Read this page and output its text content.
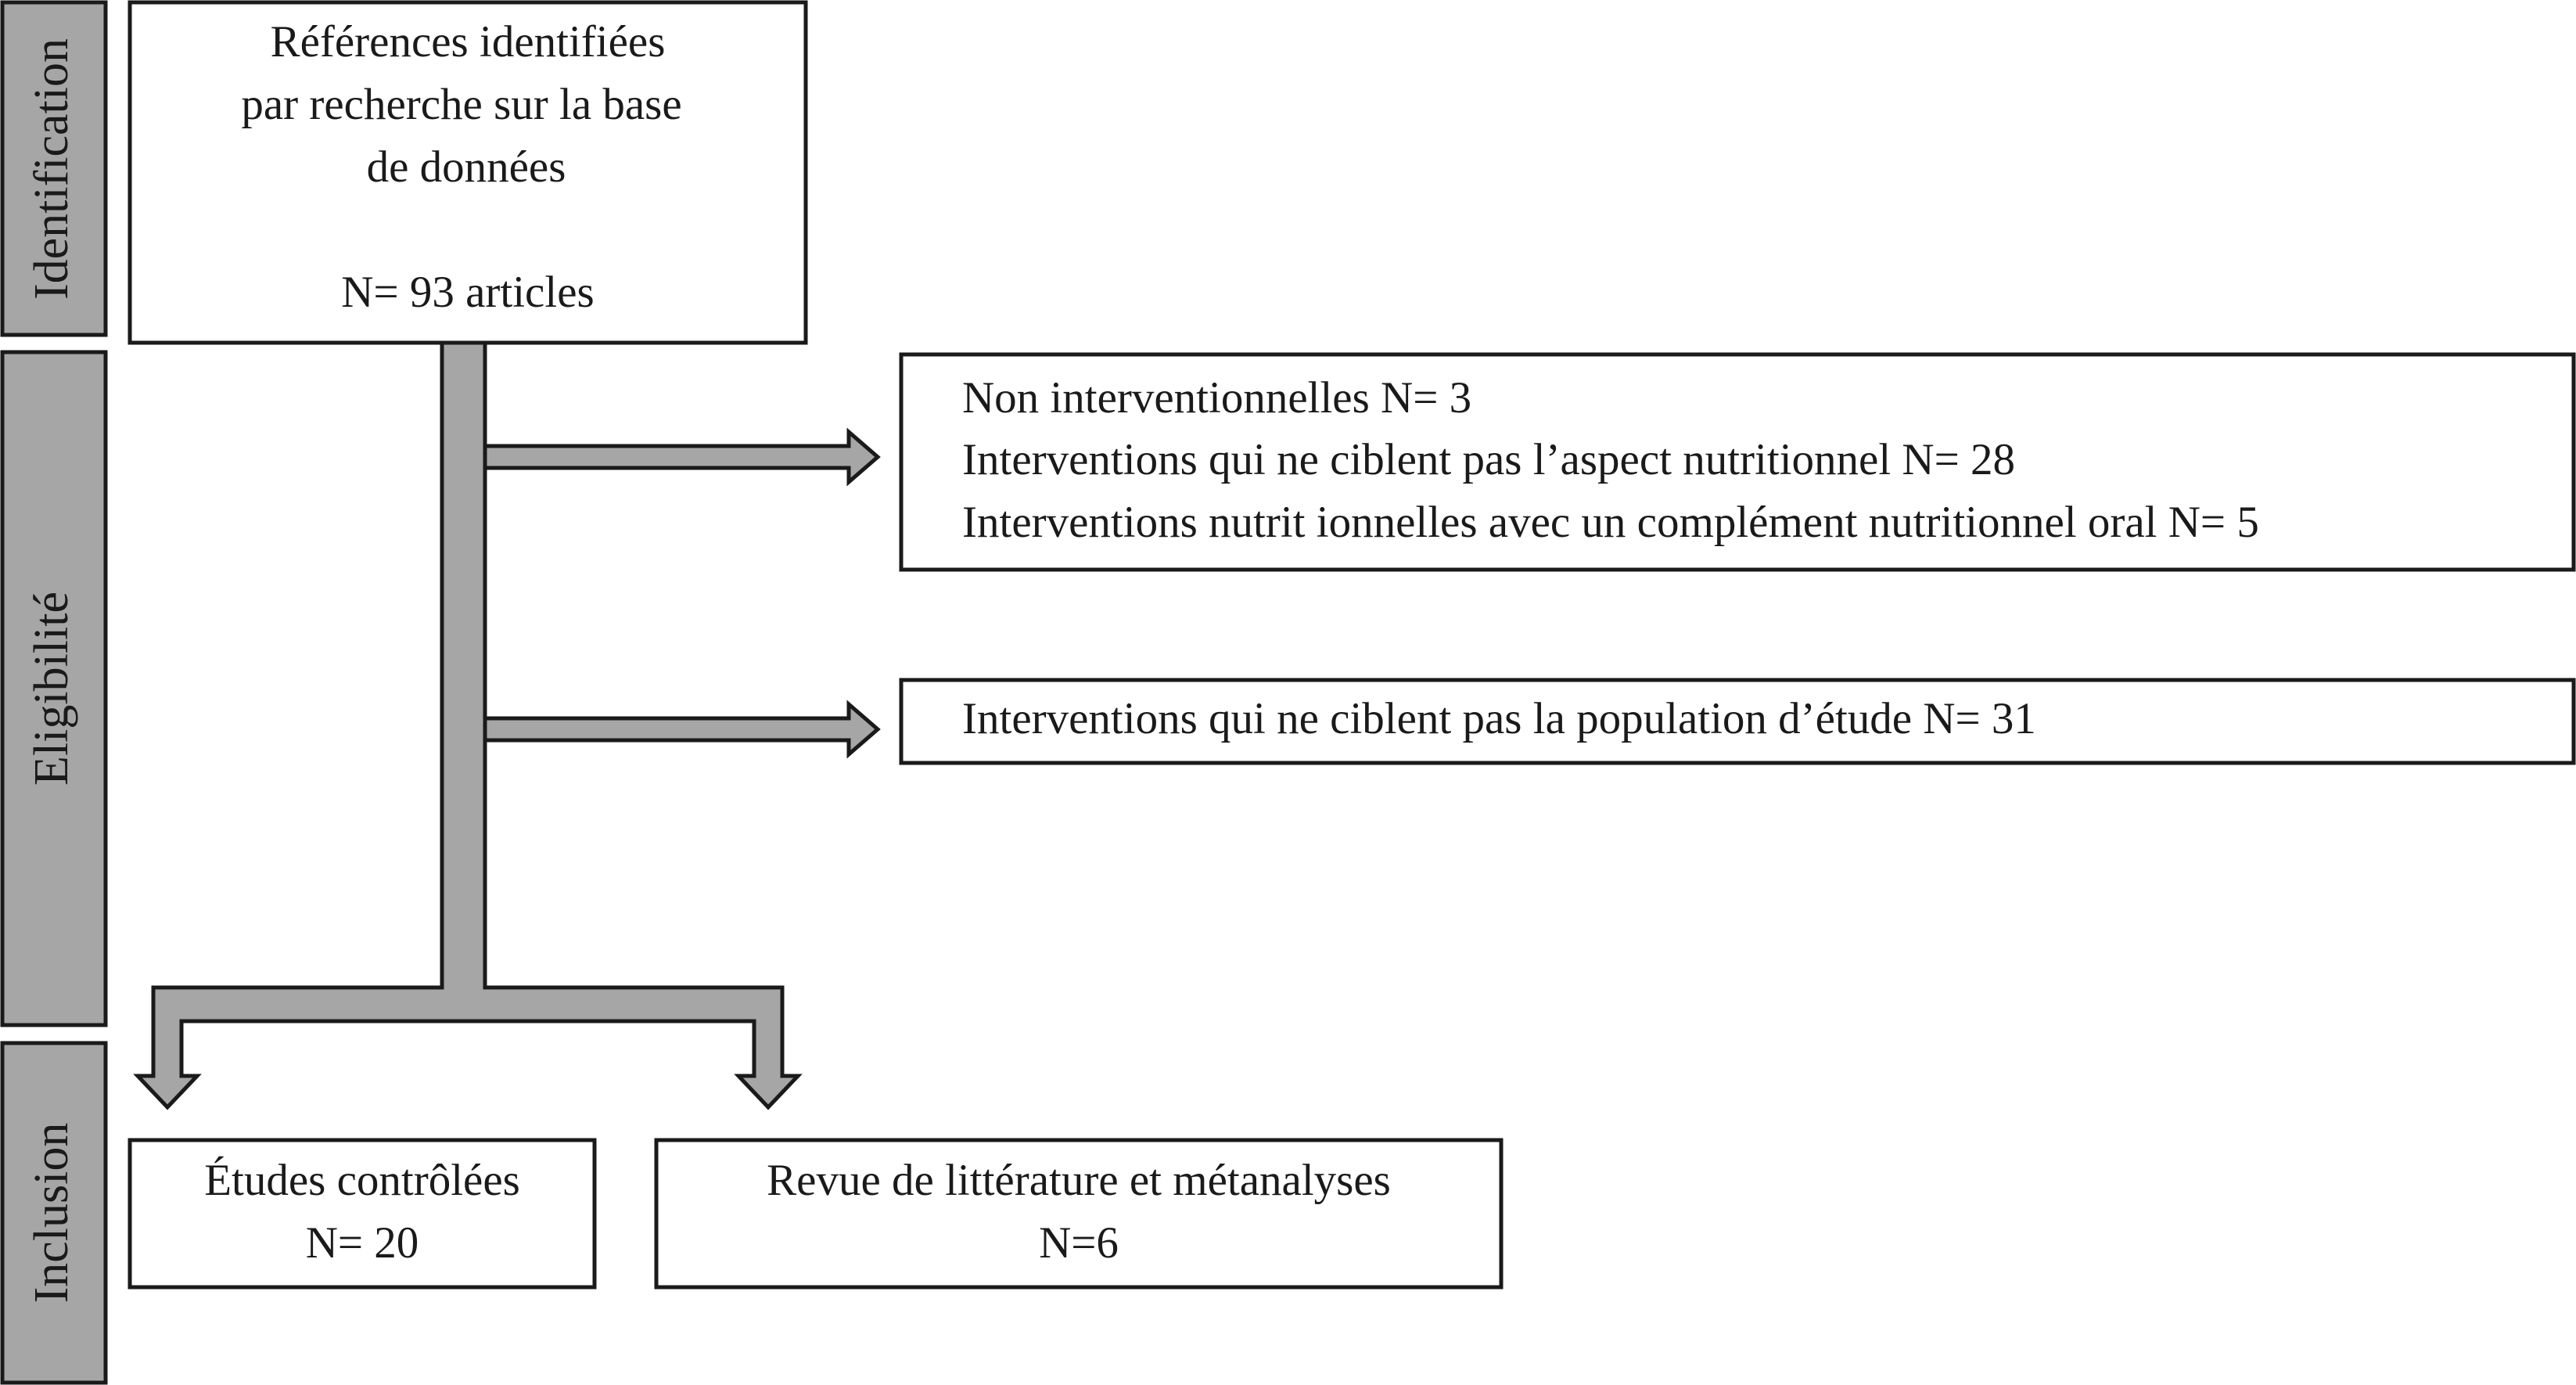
Identification
Eligibilité
Inclusion
Références identifiées
par recherche sur la base
de données
N= 93 articles
Non interventionnelles N= 3
Interventions qui ne ciblent pas l’aspect nutritionnel N= 28
Interventions nutrit ionnelles avec un complément nutritionnel oral N= 5
Interventions qui ne ciblent pas la population d’étude N= 31
Études contrôlées
N= 20
Revue de littérature et métanalyses
N=6
